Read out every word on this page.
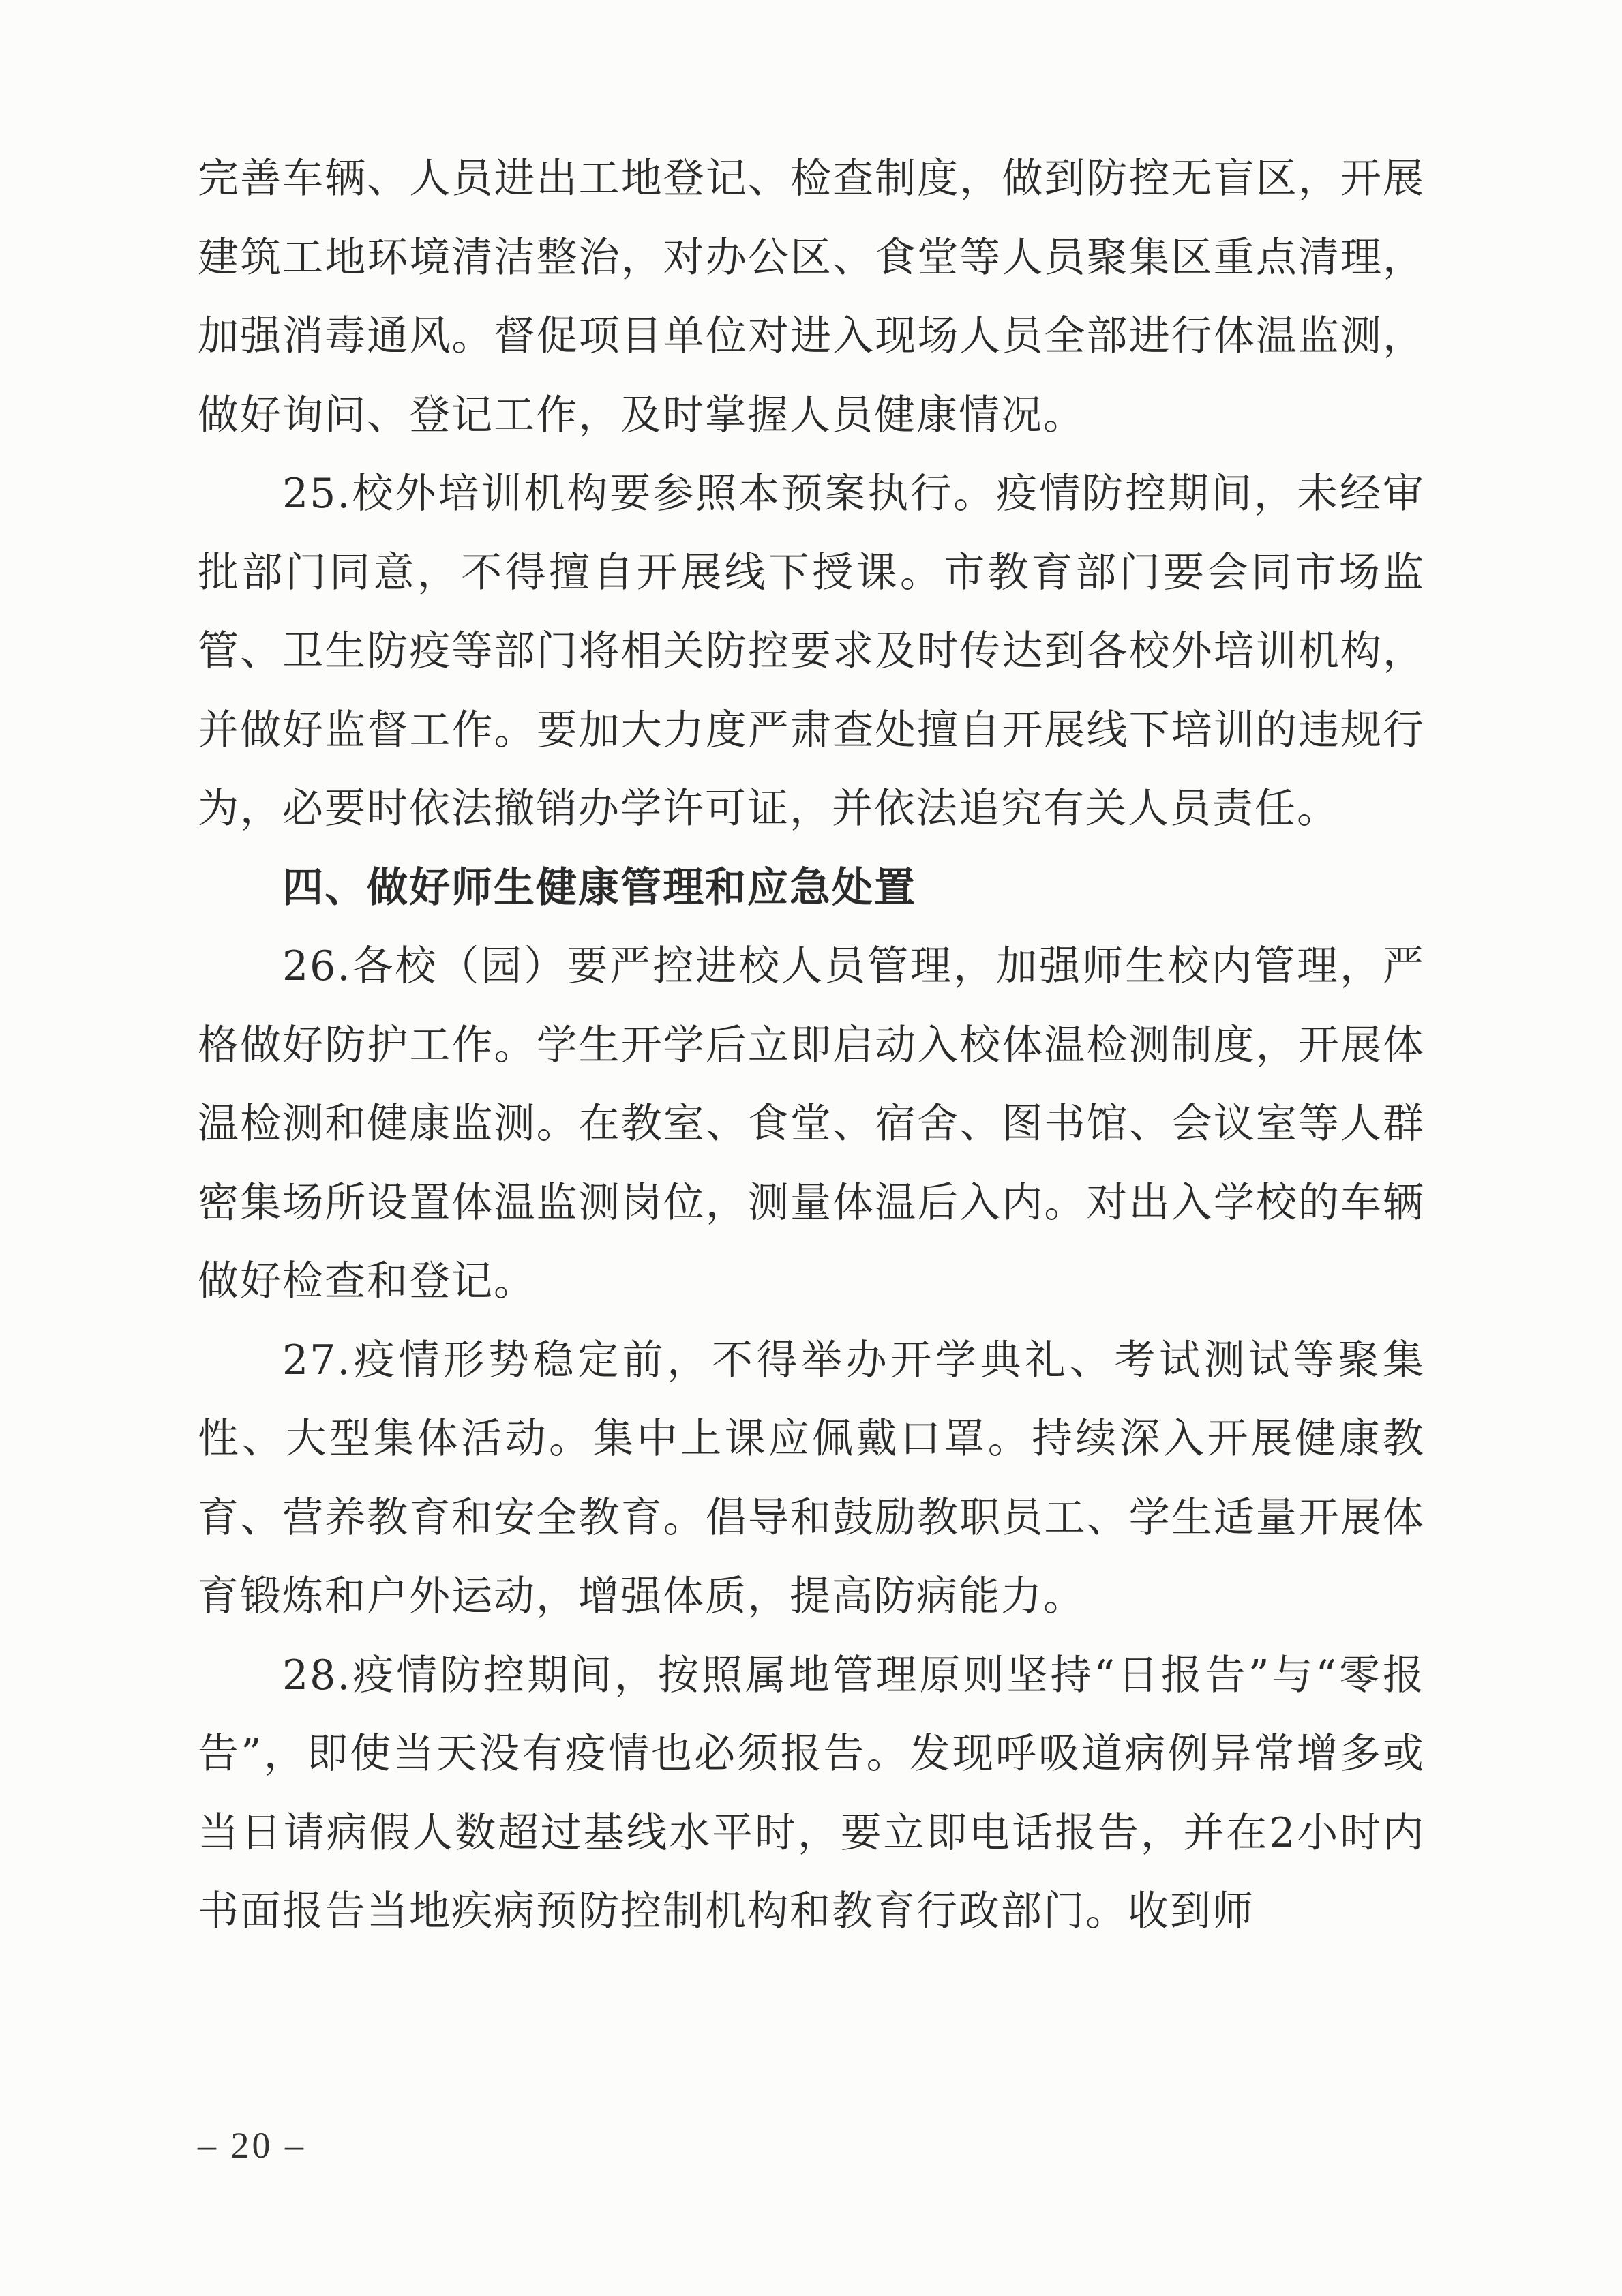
完善车辆、人员进出工地登记、检查制度，做到防控无盲区，开展建筑工地环境清洁整治，对办公区、食堂等人员聚集区重点清理，加强消毒通风。督促项目单位对进入现场人员全部进行体温监测，做好询问、登记工作，及时掌握人员健康情况。

25.校外培训机构要参照本预案执行。疫情防控期间，未经审批部门同意，不得擅自开展线下授课。市教育部门要会同市场监管、卫生防疫等部门将相关防控要求及时传达到各校外培训机构，并做好监督工作。要加大力度严肃查处擅自开展线下培训的违规行为，必要时依法撤销办学许可证，并依法追究有关人员责任。

四、做好师生健康管理和应急处置

26.各校（园）要严控进校人员管理，加强师生校内管理，严格做好防护工作。学生开学后立即启动入校体温检测制度，开展体温检测和健康监测。在教室、食堂、宿舍、图书馆、会议室等人群密集场所设置体温监测岗位，测量体温后入内。对出入学校的车辆做好检查和登记。

27.疫情形势稳定前，不得举办开学典礼、考试测试等聚集性、大型集体活动。集中上课应佩戴口罩。持续深入开展健康教育、营养教育和安全教育。倡导和鼓励教职员工、学生适量开展体育锻炼和户外运动，增强体质，提高防病能力。

28.疫情防控期间，按照属地管理原则坚持“日报告”与“零报告”，即使当天没有疫情也必须报告。发现呼吸道病例异常增多或当日请病假人数超过基线水平时，要立即电话报告，并在2小时内书面报告当地疾病预防控制机构和教育行政部门。收到师

– 20 –
